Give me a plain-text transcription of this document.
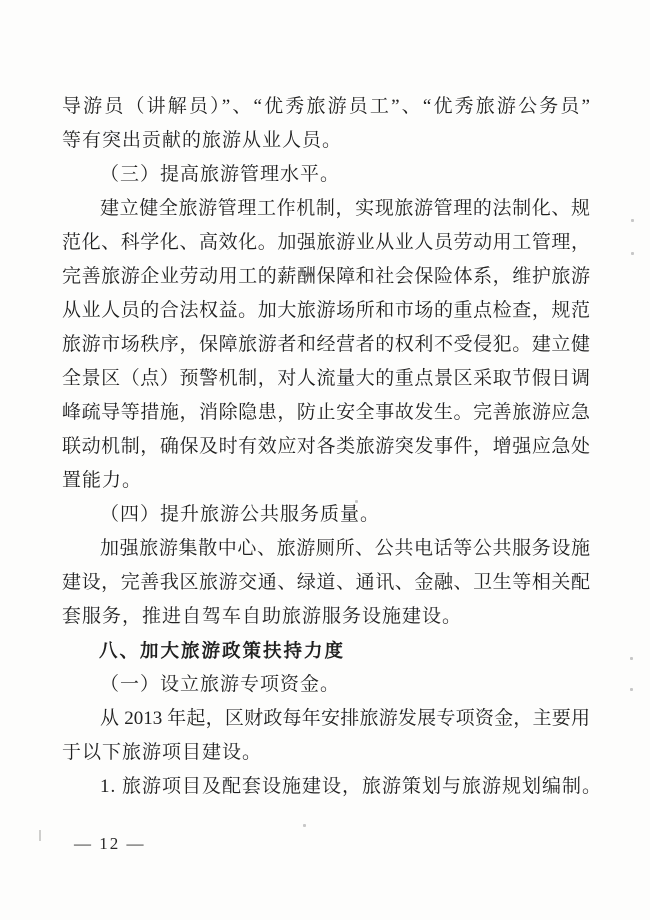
导游员（讲解员）”、“优秀旅游员工”、“优秀旅游公务员”
等有突出贡献的旅游从业人员。
（三）提高旅游管理水平。
建立健全旅游管理工作机制，实现旅游管理的法制化、规
范化、科学化、高效化。加强旅游业从业人员劳动用工管理，
完善旅游企业劳动用工的薪酬保障和社会保险体系，维护旅游
从业人员的合法权益。加大旅游场所和市场的重点检查，规范
旅游市场秩序，保障旅游者和经营者的权利不受侵犯。建立健
全景区（点）预警机制，对人流量大的重点景区采取节假日调
峰疏导等措施，消除隐患，防止安全事故发生。完善旅游应急
联动机制，确保及时有效应对各类旅游突发事件，增强应急处
置能力。
（四）提升旅游公共服务质量。
加强旅游集散中心、旅游厕所、公共电话等公共服务设施
建设，完善我区旅游交通、绿道、通讯、金融、卫生等相关配
套服务，推进自驾车自助旅游服务设施建设。
八、加大旅游政策扶持力度
（一）设立旅游专项资金。
从 2013 年起，区财政每年安排旅游发展专项资金，主要用
于以下旅游项目建设。
1. 旅游项目及配套设施建设，旅游策划与旅游规划编制。
— 12 —
